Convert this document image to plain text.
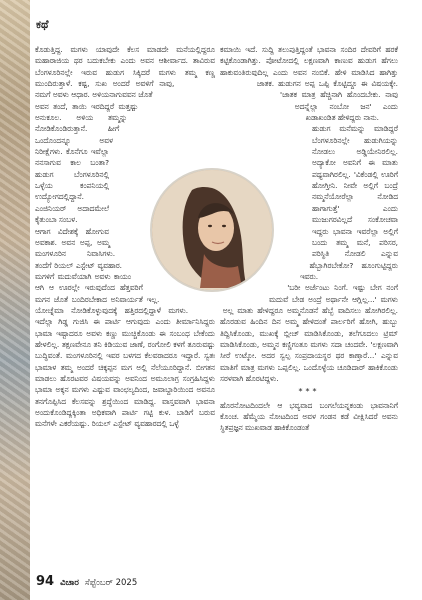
ಕಥೆ

ಕೊಡುತ್ತಿದ್ದ. ಮಗಳು ಯಾವುದೇ ಕೆಲಸ ಮಾಡದೇ ಮನೆಯಲ್ಲಿದ್ದರೂ ಮಹಾರಾಜಿಯ ಥರ ಬದುಕಬೇಕು ಎಂದು ಅವನ ಆಶೀರ್ವಾದ. ತಾವಿರುವ ಬೆಂಗಳೂರಿನಲ್ಲೇ ಇರುವ ಹುಡುಗ ಸಿಕ್ಕಿದರೆ ಮಗಳು ತಮ್ಮ ಕಣ್ಣ ಮುಂದಿರುತ್ತಾಳೆ. ಕಷ್ಟ, ಸುಖ ಅಂದರೆ ಅವಳಿಗೆ ನಾವು, ನಮಗೆ ಅವಳು ಆಧಾರ. ಅಳಿಯನಾಗುವವನ ಜೊತೆ ಅವನ ತಂದೆ, ತಾಯಿ ಇರದಿದ್ದರೆ ಮತ್ತಷ್ಟು ಅನುಕೂಲ. ಅಳಿಯ ತಮ್ಮನ್ನು ನೋಡಿಕೊಂಡಿರುತ್ತಾನೆ. ಹೀಗೆ ಒಂದೊಂದನ್ನೂ ಅವಳ ನಿರೀಕ್ಷೆಗಳು. ಕೊನೆಗೂ ಇವೆಲ್ಲಾ ನನಸಾಗುವ ಕಾಲ ಬಂತಾ? ಹುಡುಗ ಬೆಂಗಳೂರಿನಲ್ಲಿ ಒಳ್ಳೆಯ ಕಂಪನಿಯಲ್ಲಿ ಉದ್ಯೋಗದಲ್ಲಿದ್ದಾನೆ. ಎಂಜಿನಿಯರ್ ಅದಾದಮೇಲೆ ಕೈತುಂಬಾ ಸಂಬಳ.

ಆಗಾಗ ವಿದೇಶಕ್ಕೆ ಹೋಗುವ ಅವಕಾಶ. ಅವನ ಅಪ್ಪ, ಅಮ್ಮ ಮಂಗಳೂರಿನ ನಿವಾಸಿಗಳು. ತಂದೆಗೆ ರಿಯಲ್ ಎಸ್ಟೇಟ್ ವ್ಯವಹಾರ. ಮಗಳಿಗೆ ಮದುವೆಯಾಗಿ ಅವಳು ಕಾಯಂ ಆಗಿ ಆ ಊರಲ್ಲೇ ಇರುವುದೆಂದ ಹೆತ್ತವರಿಗೆ ಮಗನ ಜೊತೆ ಬಂದಿರಬೇಕಾದ ಅನಿವಾರ್ಯತೆ ಇಲ್ಲ. ಯೋಚ್ನೆಮಾ ನೋಡಿಕೊಳ್ಳುವುದಕ್ಕೆ ಹತ್ತಿರದಲ್ಲಿದ್ದಾಳೆ ಮಗಳು. ಇದೆಲ್ಲಾ ಗಿಡ್ಡ ಗುಜಿಸಿ ಈ ಪಾರ್ಟಿ ಆಗುವುದು ಎಂದು ತೀರ್ಮಾನಿಸಿದ್ದರು ಭಾಮಾ ಇಷ್ಟಾದರೂ ಅವಳು ಕಣ್ಣು ಮುಚ್ಚಿಕೊಂಡು ಈ ಸಂಬಂಧ ಬೇಕೆಂದು ಹೇಳಲಿಲ್ಲ. ತಕ್ಷಣವೇನೂ ತನಿ ಕಿಡಿಯುವ ಜಾಣೆ, ರಂಗೋಲಿ ಕಳಗೆ ತೂರುವಷ್ಟು ಬುದ್ಧಿವಂತೆ. ಮಂಗಳೂರಿನಲ್ಲಿ ಇವರ ಬಳಗದ ಕೆಲವರಾದರೂ ಇದ್ದಾರೆ. ಸ್ವತಃ ಭಾಮಾಳ ತಮ್ಮ ಅಂದರೆ ಚಿಕ್ಕಪ್ಪನ ಮಗ ಅಲ್ಲಿ ನೆಲೆಯೂರಿದ್ದಾನೆ. ಬೀಗತನ ಮಾಡಲು ಹೊರಟವರ ವಿಷಯವನ್ನು ಅವನಿಂದ ಅಮೂಲಾಗ್ರ ಸಂಗ್ರಹಿಸಿದ್ದಳು ಭಾಮಾ ಅಕ್ಕನ ಮಗಳು ಎಷ್ಟುವ ವಾಂಛಲ್ಯದಿಂದ, ಜವಾಬ್ದಾರಿಯಿಂದ ಅವನೂ ತನಗೊಪ್ಪಿಸಿದ ಕೆಲಸವನ್ನು ಶ್ರದ್ಧೆಯಿಂದ ಮಾಡಿದ್ದ. ವಾಸ್ತವವಾಗಿ ಭಾವನಾ ಅಂದುಕೊಂಡಿದ್ದಕ್ಕಿಂತಾ ಅಧಿಕವಾಗಿ ಪಾರ್ಟಿ ಗಟ್ಟಿ ಕುಳ. ಬಾಡಿಗೆ ಬರುವ ಮನೆಗಳೇ ಎಕರೆಯಷ್ಟು. ರಿಯಲ್ ಎಸ್ಟೇಟ್ ವ್ಯವಹಾರದಲ್ಲಿ ಒಳ್ಳೆ

ಕಮಾಯಿ ಇದೆ. ಸುದ್ದಿ ತಲುಪುತ್ತಿದ್ದಂತೆ ಭಾವನಾ ಸಂದಿರ ದೇವರಿಗೆ ಹರಕೆ ಕಟ್ಟಿಕೊಂಡಾಗಿತ್ತು. ಪೋಟೋದಲ್ಲಿ ಲಕ್ಷಣವಾಗಿ ಕಾಣುವ ಹುಡುಗ ಹೆಗಲು ಹಾಕುವಂತಿರುವುದಿಲ್ಲ ಎಂದು ಅವನ ನಂಬಿಕೆ. ಹೇಳಿ ಮಾಡಿಸಿದ ಹಾಗಿತ್ತು ಜಾತಕ. ಹುಡುಗನ ಅಪ್ಪ ಒಪ್ಪಿ ಕೊಟ್ಟಿದ್ದೂ ಈ ವಿಷಯಕ್ಕೇ. 'ಜಾತಕ ಮಾತ್ರ ಹೆಚ್ಚಿನಾಗಿ ಹೊಂದಬೇಕು. ನಾವು ಅದನ್ನೆಲ್ಲಾ ನಂಬೋ ಜನ' ಎಂದು ಖಡಾಖಂಡಿತ ಹೇಳಿದ್ದರು ನಾನು.

ಹುಡುಗ ಮನೆಮನ್ನು ಮಾಡಿದ್ದರೆ ಬೆಂಗಳೂರಿನಲ್ಲೇ ಹುಡುಗಿಯನ್ನು ನೋಡಲು ಅಡ್ಡಿಯೇನಿರಲಿಲ್ಲ. ಅದ್ಯಾಕೋ ಅವನಿಗೆ ಈ ಮಾತು ಪಥ್ಯವಾಗಿರಲಿಲ್ಲ. 'ವಿಕೆಂಡಲ್ಲಿ ಊರಿಗೆ ಹೋಗ್ತೀನಿ. ನೀವೇ ಅಲ್ಲಿಗೆ ಬಂದ್ರೆ ನಮ್ಮನೆಯೋರೆಲ್ಲಾ ನೋಡಿದ ಹಾಗಾಗುತ್ತೆ' ಎಂದು ಮುಜುಗರವಿಲ್ಲದೆ ಸಂಕೋಚವಾ ಇದ್ದರು ಭಾವನಾ ಇವರೆಲ್ಲಾ ಅಲ್ಲಿಗೆ ಬಂದು ತಮ್ಮ ಮನೆ, ಪರಿಸರ, ಪರಿಸ್ಥಿತಿ ನೋಡಲಿ ಎನ್ನುವ ಹೆಬ್ಬಾಗಿರಬೇಕೋ? ಹೂಂಗುಟ್ಟಿದ್ದರು ಇವರು.

'ಬರೀ ಅರ್ಜೆಂಟು ನಿಂಗೆ. ಇಷ್ಟು ಬೇಗ ನಂಗೆ ಮದುವೆ ಬೇಡ ಅಂದ್ರೆ ಅರ್ಥಾನೇ ಆಗ್ಲಿಲ್ಲ...' ಮಗಳು ಅಲ್ಲ ಮಾತು ಹೇಳಿದ್ದರೂ ಅಮ್ಮನೊಡನೆ ಹೆಬ್ಬೆ ವಾದಿಸಲು ಹೋಗಿರಲಿಲ್ಲ. ಹೊರಡುವ ಹಿಂದಿನ ದಿನ ಅಮ್ಮ ಹೇಳಿದಂತೆ ಪಾರ್ಲರಿಗೆ ಹೋಗಿ, ಹುಬ್ಬು ತಿದ್ದಿಸಿಕೊಂಡು, ಮುಖಕ್ಕೆ ಬ್ಲೀಚ್ ಮಾಡಿಸಿಕೊಂಡು, ತಲೆಗೂದಲು ಟ್ರಿಮ್ ಮಾಡಿಸಿಕೊಂಡು, ಅಮ್ಮನ ಕಣ್ಣಿಗಂತೂ ಮಗಳು ಸದಾ ಚಂದವೇ. 'ಲಕ್ಷಣವಾಗಿ ಸೀರೆ ಉಟ್ಕೋ. ಅದರ ಸ್ವಲ್ಪ ಸಂಪ್ರದಾಯಸ್ಥರ ಥರ ಕಾಣ್ತಾರೆ...' ಎನ್ನುವ ಮಾತಿಗೆ ಮಾತ್ರ ಮಗಳು ಒಪ್ಪಲಿಲ್ಲ. ಒಂದೊಳ್ಳೆಯ ಚೂಡಿದಾರ್ ಹಾಕಿಕೊಂಡು ಸರಳವಾಗಿ ಹೊರಟಿದ್ದಳು.

***

ಹೊರನೋಟದಿಂದಲೇ ಆ ಭವ್ಯವಾದ ಬಂಗಲೆಯನ್ನಕಂಡು ಭಾವನಾನಿಗೆ ಕೊಂಚ. ಹೆಮ್ಮೆಯ ನೋಟದಿಂದ ಅವಳ ಗಂಡನ ಕಡೆ ವೀಕ್ಷಿಸಿದರೆ ಅವನು ಸ್ಥಿತಪ್ರಜ್ಞನ ಮುಖವಾಡ ಹಾಕಿಕೊಂಡಂತೆ

94 ವಿಚಾರ ಸೆಪ್ಟೆಂಬರ್ 2025
